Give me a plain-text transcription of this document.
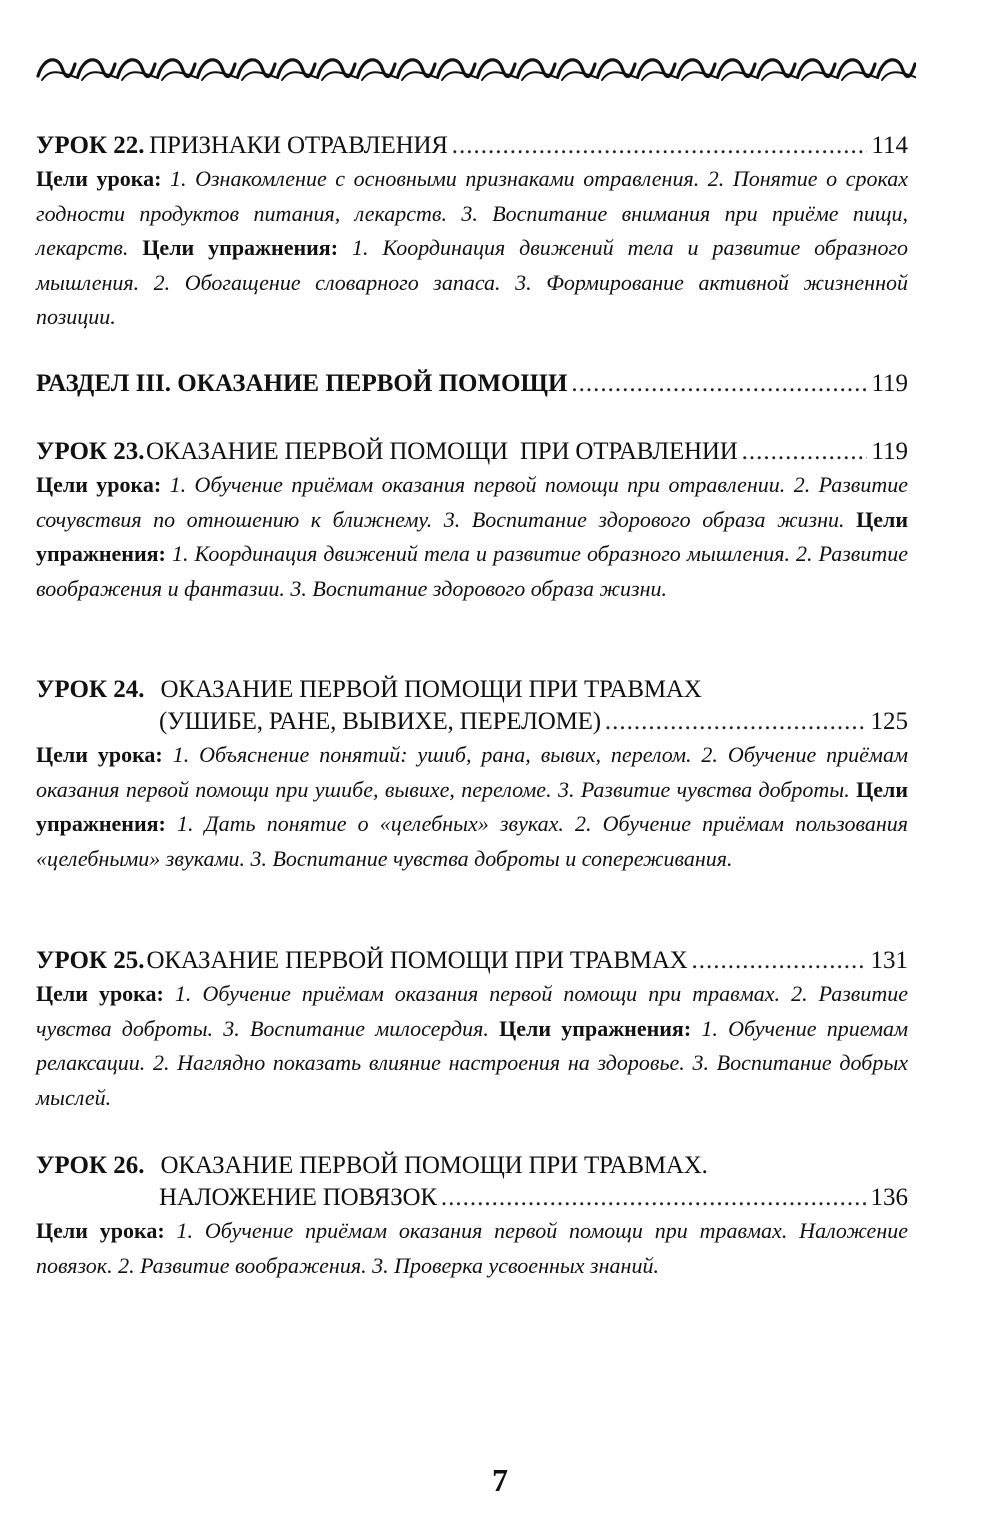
УРОК 22. ПРИЗНАКИ ОТРАВЛЕНИЯ .....	114
Цели урока: 1. Ознакомление с основными признаками отравления. 2. Понятие о сроках годности продуктов питания, лекарств. 3. Воспитание внимания при приёме пищи, лекарств. Цели упражнения: 1. Координация движений тела и развитие образного мышления. 2. Обогащение словарного запаса. 3. Формирование активной жизненной позиции.
РАЗДЕЛ III. ОКАЗАНИЕ ПЕРВОЙ ПОМОЩИ .....	119
УРОК 23. ОКАЗАНИЕ ПЕРВОЙ ПОМОЩИ  ПРИ ОТРАВЛЕНИИ .....	119
Цели урока: 1. Обучение приёмам оказания первой помощи при отравлении. 2. Развитие сочувствия по отношению к ближнему. 3. Воспитание здорового образа жизни. Цели упражнения: 1. Координация движений тела и развитие образного мышления. 2. Развитие воображения и фантазии. 3. Воспитание здорового образа жизни.
УРОК 24. ОКАЗАНИЕ ПЕРВОЙ ПОМОЩИ ПРИ ТРАВМАХ
(УШИБЕ, РАНЕ, ВЫВИХЕ, ПЕРЕЛОМЕ) .....	125
Цели урока: 1. Объяснение понятий: ушиб, рана, вывих, перелом. 2. Обучение приёмам оказания первой помощи при ушибе, вывихе, переломе. 3. Развитие чувства доброты. Цели упражнения: 1. Дать понятие о «целебных» звуках. 2. Обучение приёмам пользования «целебными» звуками. 3. Воспитание чувства доброты и сопереживания.
УРОК 25. ОКАЗАНИЕ ПЕРВОЙ ПОМОЩИ ПРИ ТРАВМАХ .....	131
Цели урока: 1. Обучение приёмам оказания первой помощи при травмах. 2. Развитие чувства доброты. 3. Воспитание милосердия. Цели упражнения: 1. Обучение приемам релаксации. 2. Наглядно показать влияние настроения на здоровье. 3. Воспитание добрых мыслей.
УРОК 26. ОКАЗАНИЕ ПЕРВОЙ ПОМОЩИ ПРИ ТРАВМАХ.
НАЛОЖЕНИЕ ПОВЯЗОК .....	136
Цели урока: 1. Обучение приёмам оказания первой помощи при травмах. Наложение повязок. 2. Развитие воображения. 3. Проверка усвоенных знаний.
7
